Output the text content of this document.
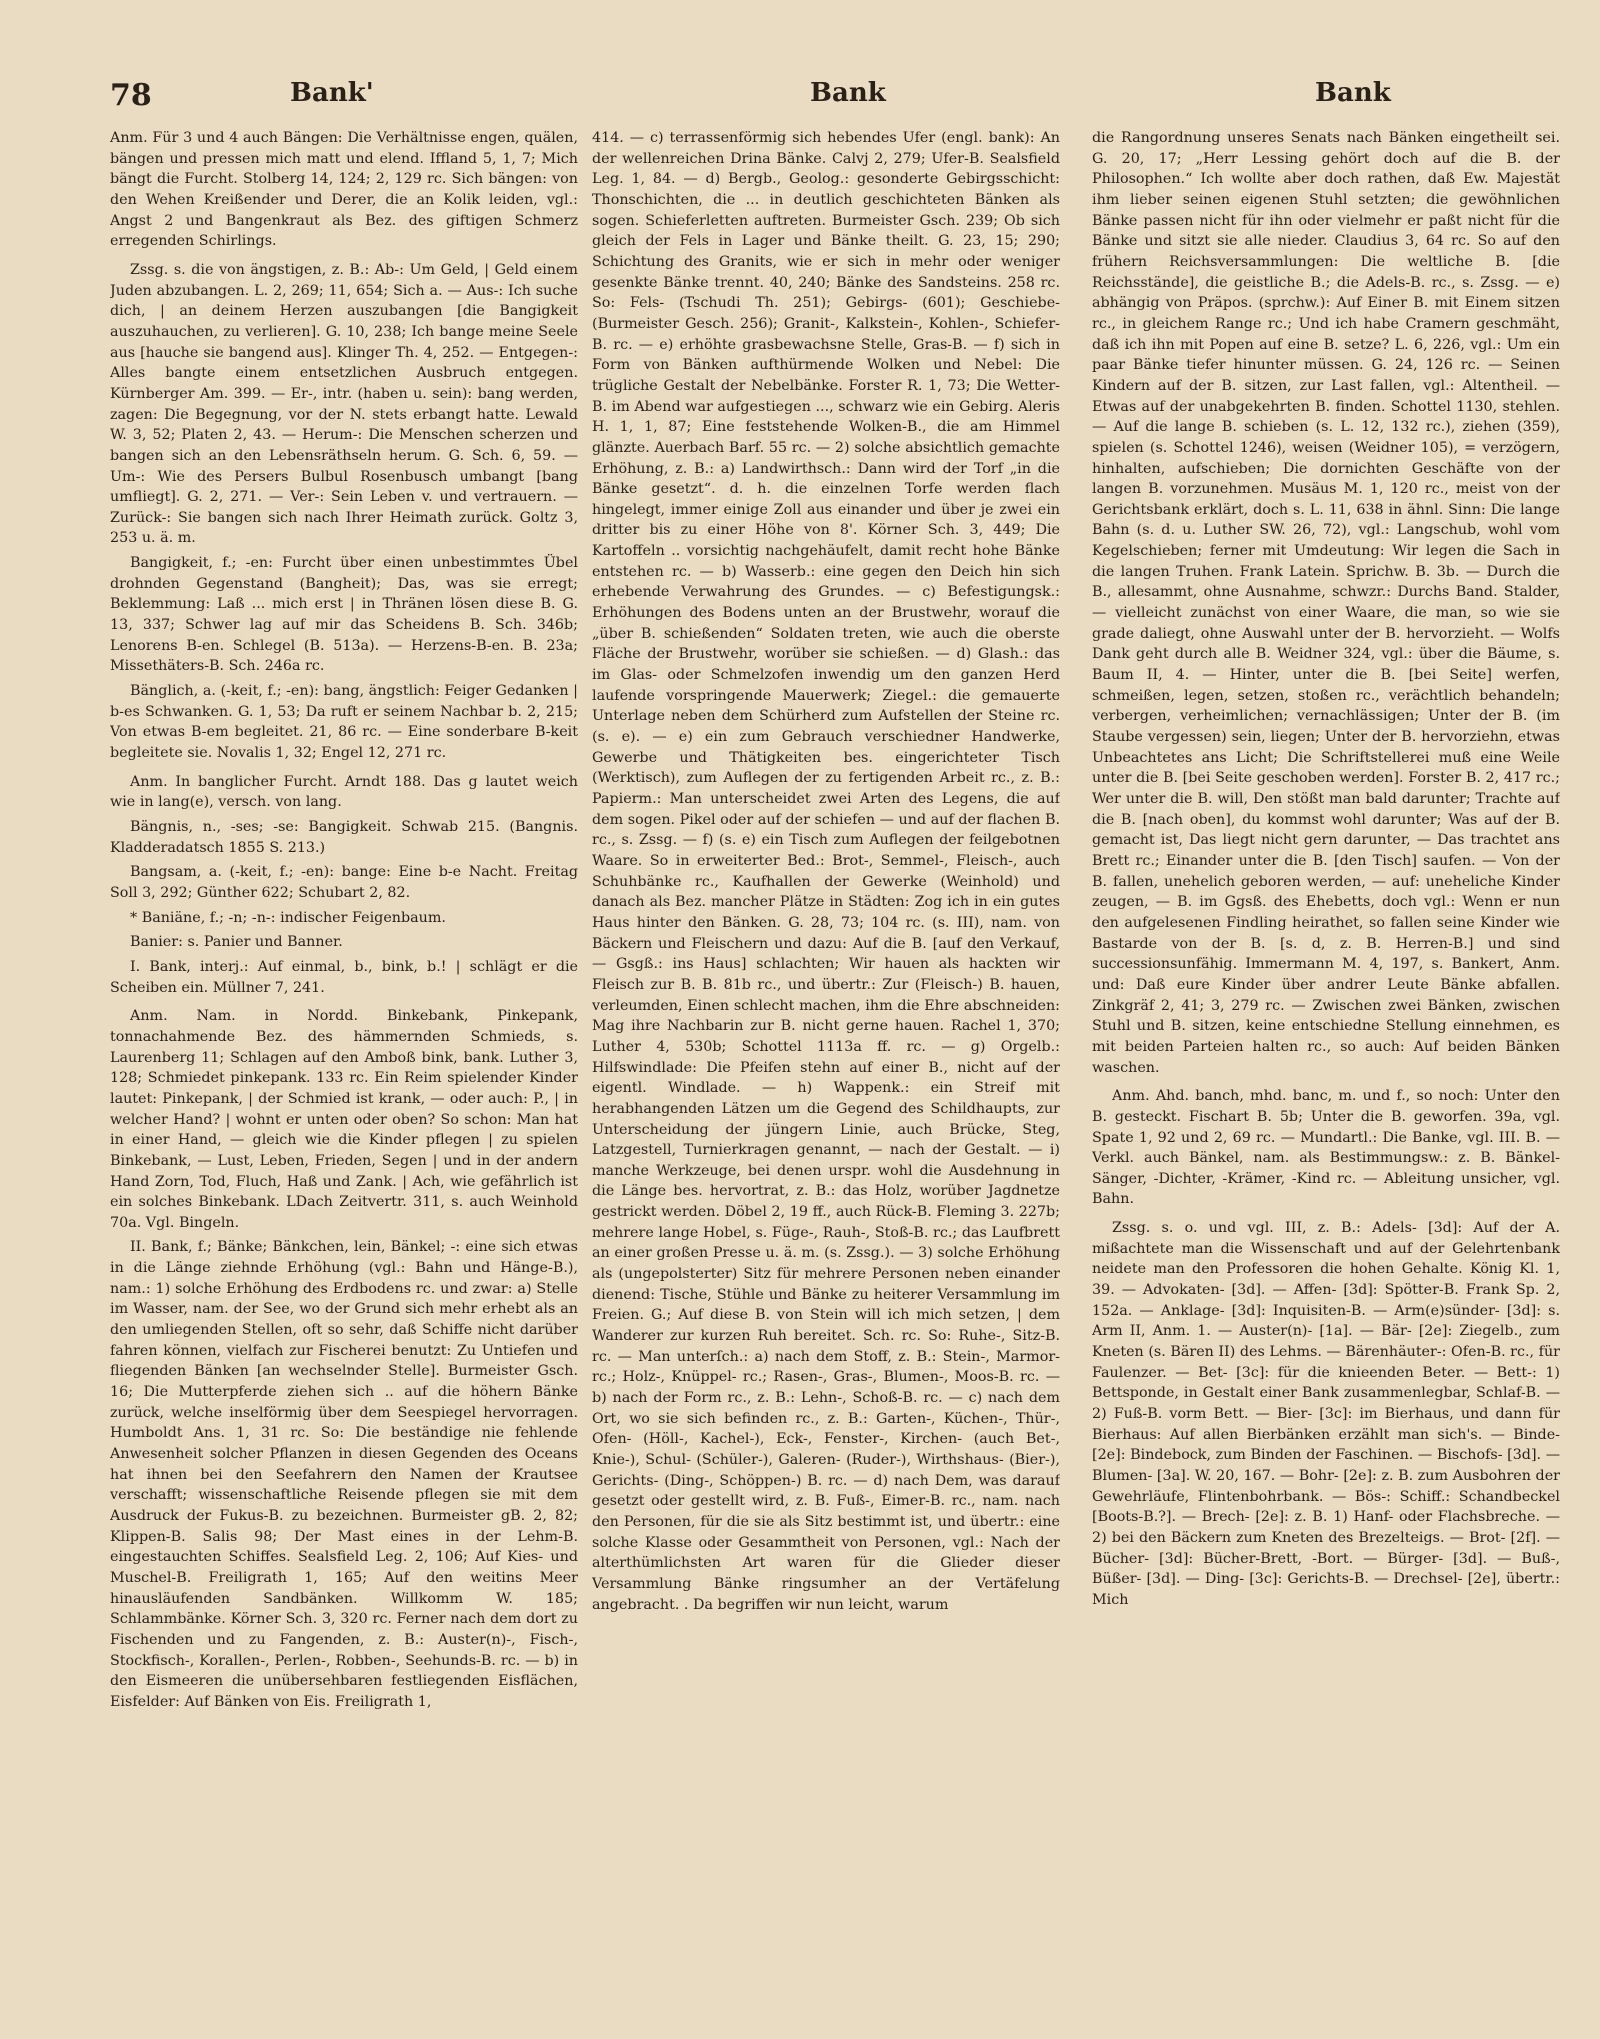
78	Bank'	Bank	Bank

Anm. Für 3 und 4 auch Bängen: Die Verhältnisse engen, quälen, bängen und pressen mich matt und elend. Iffland 5, 1, 7; Mich bängt die Furcht. Stolberg 14, 124; 2, 129 rc. Sich bängen: von den Wehen Kreißender und Derer, die an Kolik leiden, vgl.: Angst 2 und Bangenkraut als Bez. des giftigen Schmerz erregenden Schirlings.

Zssg. s. die von ängstigen, z. B.: Ab-: Um Geld, | Geld einem Juden abzubangen. L. 2, 269; 11, 654; Sich a. — Aus-: Ich suche dich, | an deinem Herzen auszubangen [die Bangigkeit auszuhauchen, zu verlieren]. G. 10, 238; Ich bange meine Seele aus [hauche sie bangend aus]. Klinger Th. 4, 252. — Entgegen-: Alles bangte einem entsetzlichen Ausbruch entgegen. Kürnberger Am. 399. — Er-, intr. (haben u. sein): bang werden, zagen: Die Begegnung, vor der N. stets erbangt hatte. Lewald W. 3, 52; Platen 2, 43. — Herum-: Die Menschen scherzen und bangen sich an den Lebensräthseln herum. G. Sch. 6, 59. — Um-: Wie des Persers Bulbul Rosenbusch umbangt [bang umfliegt]. G. 2, 271. — Ver-: Sein Leben v. und vertrauern. — Zurück-: Sie bangen sich nach Ihrer Heimath zurück. Goltz 3, 253 u. ä. m.

Bangigkeit, f.; -en: Furcht über einen unbestimmtes Übel drohnden Gegenstand (Bangheit); Das, was sie erregt; Beklemmung: Laß ... mich erst | in Thränen lösen diese B. G. 13, 337; Schwer lag auf mir das Scheidens B. Sch. 346b; Lenorens B-en. Schlegel (B. 513a). — Herzens-B-en. B. 23a; Missethäters-B. Sch. 246a rc.

Bänglich, a. (-keit, f.; -en): bang, ängstlich: Feiger Gedanken | b-es Schwanken. G. 1, 53; Da ruft er seinem Nachbar b. 2, 215; Von etwas B-em begleitet. 21, 86 rc. — Eine sonderbare B-keit begleitete sie. Novalis 1, 32; Engel 12, 271 rc.

Anm. In banglicher Furcht. Arndt 188. Das g lautet weich wie in lang(e), versch. von lang.

Bängnis, n., -ses; -se: Bangigkeit. Schwab 215. (Bangnis. Kladderadatsch 1855 S. 213.)

Bangsam, a. (-keit, f.; -en): bange: Eine b-e Nacht. Freitag Soll 3, 292; Günther 622; Schubart 2, 82.

* Baniäne, f.; -n; -n-: indischer Feigenbaum.

Banier: s. Panier und Banner.

I. Bank, interj.: Auf einmal, b., bink, b.! | schlägt er die Scheiben ein. Müllner 7, 241.

Anm. Nam. in Nordd. Binkebank, Pinkepank, tonnachahmende Bez. des hämmernden Schmieds, s. Laurenberg 11; Schlagen auf den Amboß bink, bank. Luther 3, 128; Schmiedet pinkepank. 133 rc. Ein Reim spielender Kinder lautet: Pinkepank, | der Schmied ist krank, — oder auch: P., | in welcher Hand? | wohnt er unten oder oben? So schon: Man hat in einer Hand, — gleich wie die Kinder pflegen | zu spielen Binkebank, — Lust, Leben, Frieden, Segen | und in der andern Hand Zorn, Tod, Fluch, Haß und Zank. | Ach, wie gefährlich ist ein solches Binkebank. LDach Zeitvertr. 311, s. auch Weinhold 70a. Vgl. Bingeln.

II. Bank, f.; Bänke; Bänkchen, lein, Bänkel; -: eine sich etwas in die Länge ziehnde Erhöhung (vgl.: Bahn und Hänge-B.), nam.: 1) solche Erhöhung des Erdbodens rc. und zwar: a) Stelle im Wasser, nam. der See, wo der Grund sich mehr erhebt als an den umliegenden Stellen, oft so sehr, daß Schiffe nicht darüber fahren können, vielfach zur Fischerei benutzt: Zu Untiefen und fliegenden Bänken [an wechselnder Stelle]. Burmeister Gsch. 16; Die Mutterpferde ziehen sich .. auf die höhern Bänke zurück, welche inselförmig über dem Seespiegel hervorragen. Humboldt Ans. 1, 31 rc. So: Die beständige nie fehlende Anwesenheit solcher Pflanzen in diesen Gegenden des Oceans hat ihnen bei den Seefahrern den Namen der Krautsee verschafft; wissenschaftliche Reisende pflegen sie mit dem Ausdruck der Fukus-B. zu bezeichnen. Burmeister gB. 2, 82; Klippen-B. Salis 98; Der Mast eines in der Lehm-B. eingestauchten Schiffes. Sealsfield Leg. 2, 106; Auf Kies- und Muschel-B. Freiligrath 1, 165; Auf den weitins Meer hinausläufenden Sandbänken. Willkomm W. 185; Schlammbänke. Körner Sch. 3, 320 rc. Ferner nach dem dort zu Fischenden und zu Fangenden, z. B.: Auster(n)-, Fisch-, Stockfisch-, Korallen-, Perlen-, Robben-, Seehunds-B. rc. — b) in den Eismeeren die unübersehbaren festliegenden Eisflächen, Eisfelder: Auf Bänken von Eis. Freiligrath 1,

414. — c) terrassenförmig sich hebendes Ufer (engl. bank): An der wellenreichen Drina Bänke. Calvj 2, 279; Ufer-B. Sealsfield Leg. 1, 84. — d) Bergb., Geolog.: gesonderte Gebirgsschicht: Thonschichten, die ... in deutlich geschichteten Bänken als sogen. Schieferletten auftreten. Burmeister Gsch. 239; Ob sich gleich der Fels in Lager und Bänke theilt. G. 23, 15; 290; Schichtung des Granits, wie er sich in mehr oder weniger gesenkte Bänke trennt. 40, 240; Bänke des Sandsteins. 258 rc. So: Fels- (Tschudi Th. 251); Gebirgs- (601); Geschiebe- (Burmeister Gesch. 256); Granit-, Kalkstein-, Kohlen-, Schiefer-B. rc. — e) erhöhte grasbewachsne Stelle, Gras-B. — f) sich in Form von Bänken aufthürmende Wolken und Nebel: Die trügliche Gestalt der Nebelbänke. Forster R. 1, 73; Die Wetter-B. im Abend war aufgestiegen ..., schwarz wie ein Gebirg. Aleris H. 1, 1, 87; Eine feststehende Wolken-B., die am Himmel glänzte. Auerbach Barf. 55 rc. — 2) solche absichtlich gemachte Erhöhung, z. B.: a) Landwirthsch.: Dann wird der Torf „in die Bänke gesetzt“. d. h. die einzelnen Torfe werden flach hingelegt, immer einige Zoll aus einander und über je zwei ein dritter bis zu einer Höhe von 8'. Körner Sch. 3, 449; Die Kartoffeln .. vorsichtig nachgehäufelt, damit recht hohe Bänke entstehen rc. — b) Wasserb.: eine gegen den Deich hin sich erhebende Verwahrung des Grundes. — c) Befestigungsk.: Erhöhungen des Bodens unten an der Brustwehr, worauf die „über B. schießenden“ Soldaten treten, wie auch die oberste Fläche der Brustwehr, worüber sie schießen. — d) Glash.: das im Glas- oder Schmelzofen inwendig um den ganzen Herd laufende vorspringende Mauerwerk; Ziegel.: die gemauerte Unterlage neben dem Schürherd zum Aufstellen der Steine rc. (s. e). — e) ein zum Gebrauch verschiedner Handwerke, Gewerbe und Thätigkeiten bes. eingerichteter Tisch (Werktisch), zum Auflegen der zu fertigenden Arbeit rc., z. B.: Papierm.: Man unterscheidet zwei Arten des Legens, die auf dem sogen. Pikel oder auf der schiefen — und auf der flachen B. rc., s. Zssg. — f) (s. e) ein Tisch zum Auflegen der feilgebotnen Waare. So in erweiterter Bed.: Brot-, Semmel-, Fleisch-, auch Schuhbänke rc., Kaufhallen der Gewerke (Weinhold) und danach als Bez. mancher Plätze in Städten: Zog ich in ein gutes Haus hinter den Bänken. G. 28, 73; 104 rc. (s. III), nam. von Bäckern und Fleischern und dazu: Auf die B. [auf den Verkauf, — Gsgß.: ins Haus] schlachten; Wir hauen als hackten wir Fleisch zur B. B. 81b rc., und übertr.: Zur (Fleisch-) B. hauen, verleumden, Einen schlecht machen, ihm die Ehre abschneiden: Mag ihre Nachbarin zur B. nicht gerne hauen. Rachel 1, 370; Luther 4, 530b; Schottel 1113a ff. rc. — g) Orgelb.: Hilfswindlade: Die Pfeifen stehn auf einer B., nicht auf der eigentl. Windlade. — h) Wappenk.: ein Streif mit herabhangenden Lätzen um die Gegend des Schildhaupts, zur Unterscheidung der jüngern Linie, auch Brücke, Steg, Latzgestell, Turnierkragen genannt, — nach der Gestalt. — i) manche Werkzeuge, bei denen urspr. wohl die Ausdehnung in die Länge bes. hervortrat, z. B.: das Holz, worüber Jagdnetze gestrickt werden. Döbel 2, 19 ff., auch Rück-B. Fleming 3. 227b; mehrere lange Hobel, s. Füge-, Rauh-, Stoß-B. rc.; das Laufbrett an einer großen Presse u. ä. m. (s. Zssg.). — 3) solche Erhöhung als (ungepolsterter) Sitz für mehrere Personen neben einander dienend: Tische, Stühle und Bänke zu heiterer Versammlung im Freien. G.; Auf diese B. von Stein will ich mich setzen, | dem Wanderer zur kurzen Ruh bereitet. Sch. rc. So: Ruhe-, Sitz-B. rc. — Man unterſch.: a) nach dem Stoff, z. B.: Stein-, Marmor- rc.; Holz-, Knüppel- rc.; Rasen-, Gras-, Blumen-, Moos-B. rc. — b) nach der Form rc., z. B.: Lehn-, Schoß-B. rc. — c) nach dem Ort, wo sie sich befinden rc., z. B.: Garten-, Küchen-, Thür-, Ofen- (Höll-, Kachel-), Eck-, Fenster-, Kirchen- (auch Bet-, Knie-), Schul- (Schüler-), Galeren- (Ruder-), Wirthshaus- (Bier-), Gerichts- (Ding-, Schöppen-) B. rc. — d) nach Dem, was darauf gesetzt oder gestellt wird, z. B. Fuß-, Eimer-B. rc., nam. nach den Personen, für die sie als Sitz bestimmt ist, und übertr.: eine solche Klasse oder Gesammtheit von Personen, vgl.: Nach der alterthümlichsten Art waren für die Glieder dieser Versammlung Bänke ringsumher an der Vertäfelung angebracht. . Da begriffen wir nun leicht, warum

die Rangordnung unseres Senats nach Bänken eingetheilt sei. G. 20, 17; „Herr Lessing gehört doch auf die B. der Philosophen.“ Ich wollte aber doch rathen, daß Ew. Majestät ihm lieber seinen eigenen Stuhl setzten; die gewöhnlichen Bänke passen nicht für ihn oder vielmehr er paßt nicht für die Bänke und sitzt sie alle nieder. Claudius 3, 64 rc. So auf den frühern Reichsversammlungen: Die weltliche B. [die Reichsstände], die geistliche B.; die Adels-B. rc., s. Zssg. — e) abhängig von Präpos. (sprchw.): Auf Einer B. mit Einem sitzen rc., in gleichem Range rc.; Und ich habe Cramern geschmäht, daß ich ihn mit Popen auf eine B. setze? L. 6, 226, vgl.: Um ein paar Bänke tiefer hinunter müssen. G. 24, 126 rc. — Seinen Kindern auf der B. sitzen, zur Last fallen, vgl.: Altentheil. — Etwas auf der unabgekehrten B. finden. Schottel 1130, stehlen. — Auf die lange B. schieben (s. L. 12, 132 rc.), ziehen (359), spielen (s. Schottel 1246), weisen (Weidner 105), = verzögern, hinhalten, aufschieben; Die dornichten Geschäfte von der langen B. vorzunehmen. Musäus M. 1, 120 rc., meist von der Gerichtsbank erklärt, doch s. L. 11, 638 in ähnl. Sinn: Die lange Bahn (s. d. u. Luther SW. 26, 72), vgl.: Langschub, wohl vom Kegelschieben; ferner mit Umdeutung: Wir legen die Sach in die langen Truhen. Frank Latein. Sprichw. B. 3b. — Durch die B., allesammt, ohne Ausnahme, schwzr.: Durchs Band. Stalder, — vielleicht zunächst von einer Waare, die man, so wie sie grade daliegt, ohne Auswahl unter der B. hervorzieht. — Wolfs Dank geht durch alle B. Weidner 324, vgl.: über die Bäume, s. Baum II, 4. — Hinter, unter die B. [bei Seite] werfen, schmeißen, legen, setzen, stoßen rc., verächtlich behandeln; verbergen, verheimlichen; vernachlässigen; Unter der B. (im Staube vergessen) sein, liegen; Unter der B. hervorziehn, etwas Unbeachtetes ans Licht; Die Schriftstellerei muß eine Weile unter die B. [bei Seite geschoben werden]. Forster B. 2, 417 rc.; Wer unter die B. will, Den stößt man bald darunter; Trachte auf die B. [nach oben], du kommst wohl darunter; Was auf der B. gemacht ist, Das liegt nicht gern darunter, — Das trachtet ans Brett rc.; Einander unter die B. [den Tisch] saufen. — Von der B. fallen, unehelich geboren werden, — auf: uneheliche Kinder zeugen, — B. im Ggsß. des Ehebetts, doch vgl.: Wenn er nun den aufgelesenen Findling heirathet, so fallen seine Kinder wie Bastarde von der B. [s. d, z. B. Herren-B.] und sind successionsunfähig. Immermann M. 4, 197, s. Bankert, Anm. und: Daß eure Kinder über andrer Leute Bänke abfallen. Zinkgräf 2, 41; 3, 279 rc. — Zwischen zwei Bänken, zwischen Stuhl und B. sitzen, keine entschiedne Stellung einnehmen, es mit beiden Parteien halten rc., so auch: Auf beiden Bänken waschen.

Anm. Ahd. banch, mhd. banc, m. und f., so noch: Unter den B. gesteckt. Fischart B. 5b; Unter die B. geworfen. 39a, vgl. Spate 1, 92 und 2, 69 rc. — Mundartl.: Die Banke, vgl. III. B. — Verkl. auch Bänkel, nam. als Bestimmungsw.: z. B. Bänkel-Sänger, -Dichter, -Krämer, -Kind rc. — Ableitung unsicher, vgl. Bahn.

Zssg. s. o. und vgl. III, z. B.: Adels- [3d]: Auf der A. mißachtete man die Wissenschaft und auf der Gelehrtenbank neidete man den Professoren die hohen Gehalte. König Kl. 1, 39. — Advokaten- [3d]. — Affen- [3d]: Spötter-B. Frank Sp. 2, 152a. — Anklage- [3d]: Inquisiten-B. — Arm(e)sünder- [3d]: s. Arm II, Anm. 1. — Auster(n)- [1a]. — Bär- [2e]: Ziegelb., zum Kneten (s. Bären II) des Lehms. — Bärenhäuter-: Ofen-B. rc., für Faulenzer. — Bet- [3c]: für die knieenden Beter. — Bett-: 1) Bettsponde, in Gestalt einer Bank zusammenlegbar, Schlaf-B. — 2) Fuß-B. vorm Bett. — Bier- [3c]: im Bierhaus, und dann für Bierhaus: Auf allen Bierbänken erzählt man sich's. — Binde- [2e]: Bindebock, zum Binden der Faschinen. — Bischofs- [3d]. — Blumen- [3a]. W. 20, 167. — Bohr- [2e]: z. B. zum Ausbohren der Gewehrläufe, Flintenbohrbank. — Bös-: Schiff.: Schandbeckel [Boots-B.?]. — Brech- [2e]: z. B. 1) Hanf- oder Flachsbreche. — 2) bei den Bäckern zum Kneten des Brezelteigs. — Brot- [2f]. — Bücher- [3d]: Bücher-Brett, -Bort. — Bürger- [3d]. — Buß-, Büßer- [3d]. — Ding- [3c]: Gerichts-B. — Drechsel- [2e], übertr.: Mich
